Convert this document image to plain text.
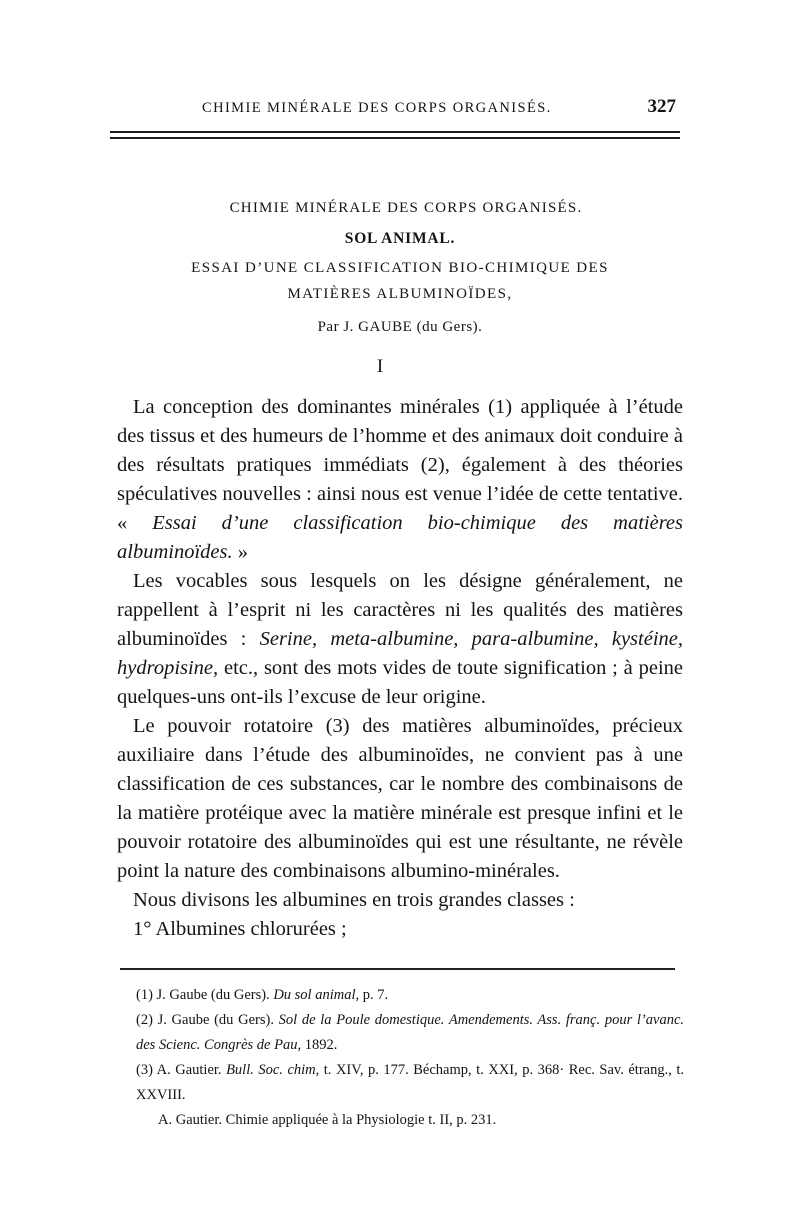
CHIMIE MINÉRALE DES CORPS ORGANISÉS.	327
CHIMIE MINÉRALE DES CORPS ORGANISÉS.
SOL ANIMAL.
ESSAI D’UNE CLASSIFICATION BIO-CHIMIQUE DES
MATIÈRES ALBUMINOÏDES,
Par J. GAUBE (du Gers).
I

La conception des dominantes minérales (1) appliquée à l’étude des tissus et des humeurs de l’homme et des animaux doit conduire à des résultats pratiques immédiats (2), également à des théories spéculatives nouvelles : ainsi nous est venue l’idée de cette tentative. « Essai d’une classification bio-chimique des matières albuminoïdes. »

Les vocables sous lesquels on les désigne généralement, ne rappellent à l’esprit ni les caractères ni les qualités des matières albuminoïdes : Serine, meta-albumine, para-albumine, kystéine, hydropisine, etc., sont des mots vides de toute signification ; à peine quelques-uns ont-ils l’excuse de leur origine.

Le pouvoir rotatoire (3) des matières albuminoïdes, précieux auxiliaire dans l’étude des albuminoïdes, ne convient pas à une classification de ces substances, car le nombre des combinaisons de la matière protéique avec la matière minérale est presque infini et le pouvoir rotatoire des albuminoïdes qui est une résultante, ne révèle point la nature des combinaisons albumino-minérales.

Nous divisons les albumines en trois grandes classes :

1° Albumines chlorurées ;

(1) J. Gaube (du Gers). Du sol animal, p. 7.

(2) J. Gaube (du Gers). Sol de la Poule domestique. Amendements. Ass. franç. pour l’avanc. des Scienc. Congrès de Pau, 1892.

(3) A. Gautier. Bull. Soc. chim, t. XIV, p. 177. Béchamp, t. XXI, p. 368· Rec. Sav. étrang., t. XXVIII.

A. Gautier. Chimie appliquée à la Physiologie t. II, p. 231.
